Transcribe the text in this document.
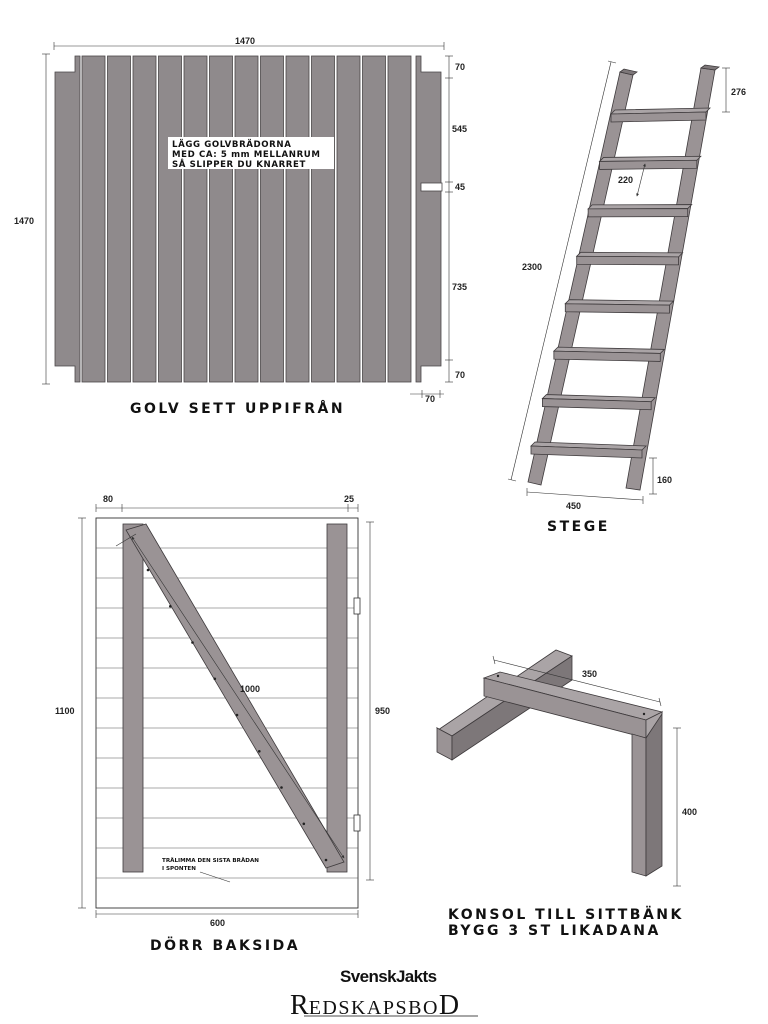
LÄGG GOLVBRÄDORNA
MED CA: 5 mm MELLANRUM
SÅ SLIPPER DU KNARRET
1470
1470
70
545
45
735
70
70
GOLV SETT UPPIFRÅN
2300
276
220
160
450
STEGE
1000
80	25
1100	950
600
TRÄLIMMA DEN SISTA BRÄDAN
I SPONTEN
DÖRR BAKSIDA
350
400
KONSOL TILL SITTBÄNK
BYGG 3 ST LIKADANA
SvenskJakts
REDSKAPSBOD
